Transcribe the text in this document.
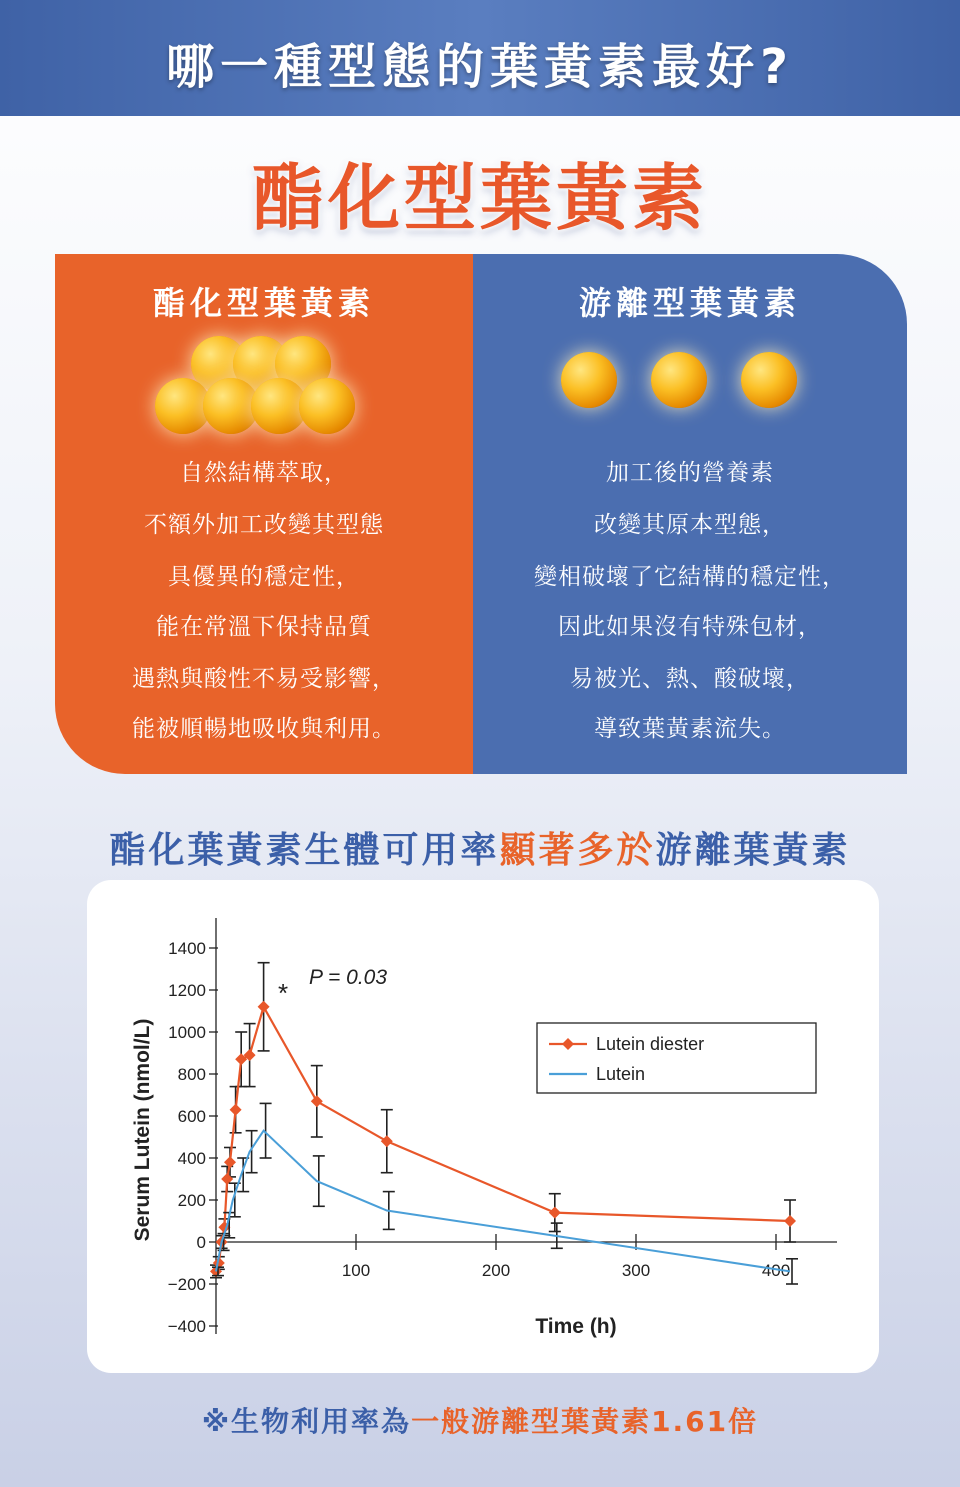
哪一種型態的葉黃素最好?
酯化型葉黃素
酯化型葉黃素
自然結構萃取，
不額外加工改變其型態
具優異的穩定性，
能在常溫下保持品質
遇熱與酸性不易受影響，
能被順暢地吸收與利用。
游離型葉黃素
加工後的營養素
改變其原本型態，
變相破壞了它結構的穩定性，
因此如果沒有特殊包材，
易被光、熱、酸破壞，
導致葉黃素流失。
酯化葉黃素生體可用率顯著多於游離葉黃素
−400
−200
0
200
400
600
800
1000
1200
1400
100	200	300	400
Time (h)
Serum Lutein (nmol/L)
*
P = 0.03
Lutein diester
Lutein
※生物利用率為一般游離型葉黃素1.61倍
